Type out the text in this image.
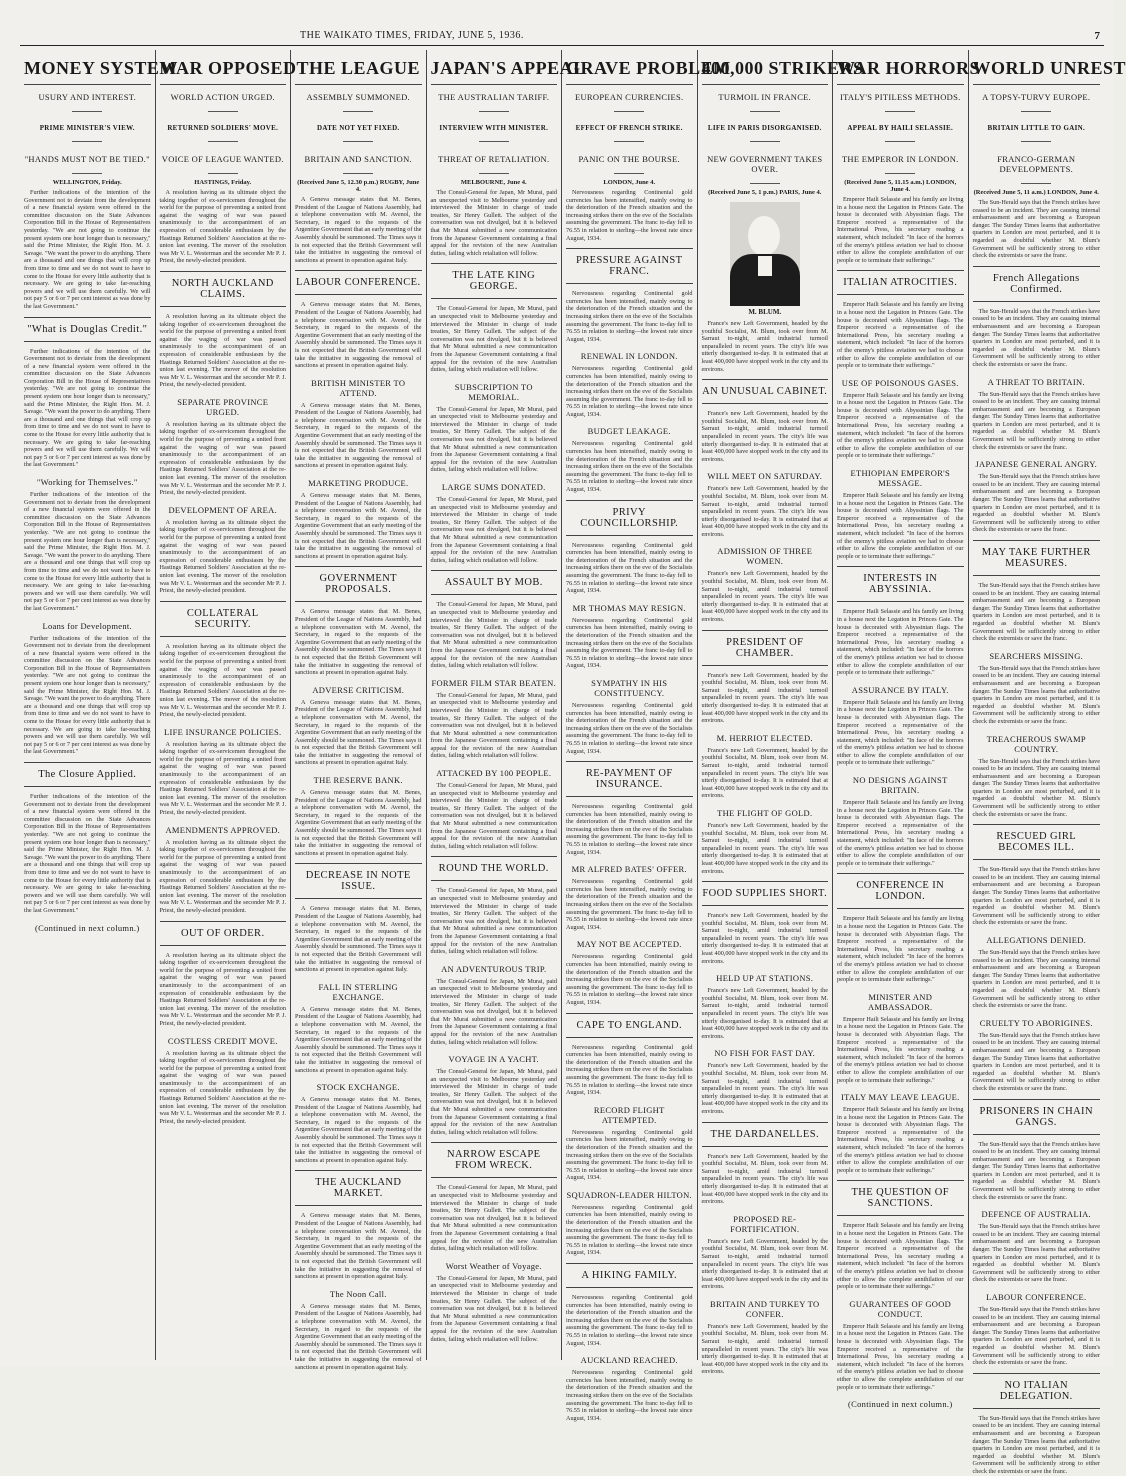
THE WAIKATO TIMES, FRIDAY, JUNE 5, 1936.	7
MONEY SYSTEM
USURY AND INTEREST.
PRIME MINISTER'S VIEW.
"HANDS MUST NOT BE TIED."
WELLINGTON, Friday.

Further indications of the intention of the Government not to deviate from the development of a new financial system were offered in the committee discussion on the State Advances Corporation Bill in the House of Representatives yesterday. "We are not going to continue the present system one hour longer than is necessary," said the Prime Minister, the Right Hon. M. J. Savage. "We want the power to do anything. There are a thousand and one things that will crop up from time to time and we do not want to have to come to the House for every little authority that is necessary. We are going to take far-reaching powers and we will use them carefully. We will not pay 5 or 6 or 7 per cent interest as was done by the last Government."

"What is Douglas Credit."

Further indications of the intention of the Government not to deviate from the development of a new financial system were offered in the committee discussion on the State Advances Corporation Bill in the House of Representatives yesterday. "We are not going to continue the present system one hour longer than is necessary," said the Prime Minister, the Right Hon. M. J. Savage. "We want the power to do anything. There are a thousand and one things that will crop up from time to time and we do not want to have to come to the House for every little authority that is necessary. We are going to take far-reaching powers and we will use them carefully. We will not pay 5 or 6 or 7 per cent interest as was done by the last Government."

"Working for Themselves."

Further indications of the intention of the Government not to deviate from the development of a new financial system were offered in the committee discussion on the State Advances Corporation Bill in the House of Representatives yesterday. "We are not going to continue the present system one hour longer than is necessary," said the Prime Minister, the Right Hon. M. J. Savage. "We want the power to do anything. There are a thousand and one things that will crop up from time to time and we do not want to have to come to the House for every little authority that is necessary. We are going to take far-reaching powers and we will use them carefully. We will not pay 5 or 6 or 7 per cent interest as was done by the last Government."

Loans for Development.

Further indications of the intention of the Government not to deviate from the development of a new financial system were offered in the committee discussion on the State Advances Corporation Bill in the House of Representatives yesterday. "We are not going to continue the present system one hour longer than is necessary," said the Prime Minister, the Right Hon. M. J. Savage. "We want the power to do anything. There are a thousand and one things that will crop up from time to time and we do not want to have to come to the House for every little authority that is necessary. We are going to take far-reaching powers and we will use them carefully. We will not pay 5 or 6 or 7 per cent interest as was done by the last Government."

The Closure Applied.

Further indications of the intention of the Government not to deviate from the development of a new financial system were offered in the committee discussion on the State Advances Corporation Bill in the House of Representatives yesterday. "We are not going to continue the present system one hour longer than is necessary," said the Prime Minister, the Right Hon. M. J. Savage. "We want the power to do anything. There are a thousand and one things that will crop up from time to time and we do not want to have to come to the House for every little authority that is necessary. We are going to take far-reaching powers and we will use them carefully. We will not pay 5 or 6 or 7 per cent interest as was done by the last Government."

(Continued in next column.)
WAR OPPOSED
WORLD ACTION URGED.
RETURNED SOLDIERS' MOVE.
VOICE OF LEAGUE WANTED.
HASTINGS, Friday.

A resolution having as its ultimate object the taking together of ex-servicemen throughout the world for the purpose of preventing a united front against the waging of war was passed unanimously to the accompaniment of an expression of considerable enthusiasm by the Hastings Returned Soldiers' Association at the re-union last evening. The mover of the resolution was Mr V. L. Westerman and the seconder Mr P. J. Priest, the newly-elected president.

NORTH AUCKLAND CLAIMS.

A resolution having as its ultimate object the taking together of ex-servicemen throughout the world for the purpose of preventing a united front against the waging of war was passed unanimously to the accompaniment of an expression of considerable enthusiasm by the Hastings Returned Soldiers' Association at the re-union last evening. The mover of the resolution was Mr V. L. Westerman and the seconder Mr P. J. Priest, the newly-elected president.

SEPARATE PROVINCE URGED.

A resolution having as its ultimate object the taking together of ex-servicemen throughout the world for the purpose of preventing a united front against the waging of war was passed unanimously to the accompaniment of an expression of considerable enthusiasm by the Hastings Returned Soldiers' Association at the re-union last evening. The mover of the resolution was Mr V. L. Westerman and the seconder Mr P. J. Priest, the newly-elected president.

DEVELOPMENT OF AREA.

A resolution having as its ultimate object the taking together of ex-servicemen throughout the world for the purpose of preventing a united front against the waging of war was passed unanimously to the accompaniment of an expression of considerable enthusiasm by the Hastings Returned Soldiers' Association at the re-union last evening. The mover of the resolution was Mr V. L. Westerman and the seconder Mr P. J. Priest, the newly-elected president.

COLLATERAL SECURITY.

A resolution having as its ultimate object the taking together of ex-servicemen throughout the world for the purpose of preventing a united front against the waging of war was passed unanimously to the accompaniment of an expression of considerable enthusiasm by the Hastings Returned Soldiers' Association at the re-union last evening. The mover of the resolution was Mr V. L. Westerman and the seconder Mr P. J. Priest, the newly-elected president.

LIFE INSURANCE POLICIES.

A resolution having as its ultimate object the taking together of ex-servicemen throughout the world for the purpose of preventing a united front against the waging of war was passed unanimously to the accompaniment of an expression of considerable enthusiasm by the Hastings Returned Soldiers' Association at the re-union last evening. The mover of the resolution was Mr V. L. Westerman and the seconder Mr P. J. Priest, the newly-elected president.

AMENDMENTS APPROVED.

A resolution having as its ultimate object the taking together of ex-servicemen throughout the world for the purpose of preventing a united front against the waging of war was passed unanimously to the accompaniment of an expression of considerable enthusiasm by the Hastings Returned Soldiers' Association at the re-union last evening. The mover of the resolution was Mr V. L. Westerman and the seconder Mr P. J. Priest, the newly-elected president.

OUT OF ORDER.

A resolution having as its ultimate object the taking together of ex-servicemen throughout the world for the purpose of preventing a united front against the waging of war was passed unanimously to the accompaniment of an expression of considerable enthusiasm by the Hastings Returned Soldiers' Association at the re-union last evening. The mover of the resolution was Mr V. L. Westerman and the seconder Mr P. J. Priest, the newly-elected president.

COSTLESS CREDIT MOVE.

A resolution having as its ultimate object the taking together of ex-servicemen throughout the world for the purpose of preventing a united front against the waging of war was passed unanimously to the accompaniment of an expression of considerable enthusiasm by the Hastings Returned Soldiers' Association at the re-union last evening. The mover of the resolution was Mr V. L. Westerman and the seconder Mr P. J. Priest, the newly-elected president.

THE LEAGUE
ASSEMBLY SUMMONED.
DATE NOT YET FIXED.
BRITAIN AND SANCTION.
(Received June 5, 12.30 p.m.) RUGBY, June 4.

A Geneva message states that M. Benes, President of the League of Nations Assembly, had a telephone conversation with M. Avenol, the Secretary, in regard to the requests of the Argentine Government that an early meeting of the Assembly should be summoned. The Times says it is not expected that the British Government will take the initiative in suggesting the removal of sanctions at present in operation against Italy.

LABOUR CONFERENCE.

A Geneva message states that M. Benes, President of the League of Nations Assembly, had a telephone conversation with M. Avenol, the Secretary, in regard to the requests of the Argentine Government that an early meeting of the Assembly should be summoned. The Times says it is not expected that the British Government will take the initiative in suggesting the removal of sanctions at present in operation against Italy.

BRITISH MINISTER TO ATTEND.

A Geneva message states that M. Benes, President of the League of Nations Assembly, had a telephone conversation with M. Avenol, the Secretary, in regard to the requests of the Argentine Government that an early meeting of the Assembly should be summoned. The Times says it is not expected that the British Government will take the initiative in suggesting the removal of sanctions at present in operation against Italy.

MARKETING PRODUCE.

A Geneva message states that M. Benes, President of the League of Nations Assembly, had a telephone conversation with M. Avenol, the Secretary, in regard to the requests of the Argentine Government that an early meeting of the Assembly should be summoned. The Times says it is not expected that the British Government will take the initiative in suggesting the removal of sanctions at present in operation against Italy.

GOVERNMENT PROPOSALS.

A Geneva message states that M. Benes, President of the League of Nations Assembly, had a telephone conversation with M. Avenol, the Secretary, in regard to the requests of the Argentine Government that an early meeting of the Assembly should be summoned. The Times says it is not expected that the British Government will take the initiative in suggesting the removal of sanctions at present in operation against Italy.

ADVERSE CRITICISM.

A Geneva message states that M. Benes, President of the League of Nations Assembly, had a telephone conversation with M. Avenol, the Secretary, in regard to the requests of the Argentine Government that an early meeting of the Assembly should be summoned. The Times says it is not expected that the British Government will take the initiative in suggesting the removal of sanctions at present in operation against Italy.

THE RESERVE BANK.

A Geneva message states that M. Benes, President of the League of Nations Assembly, had a telephone conversation with M. Avenol, the Secretary, in regard to the requests of the Argentine Government that an early meeting of the Assembly should be summoned. The Times says it is not expected that the British Government will take the initiative in suggesting the removal of sanctions at present in operation against Italy.

DECREASE IN NOTE ISSUE.

A Geneva message states that M. Benes, President of the League of Nations Assembly, had a telephone conversation with M. Avenol, the Secretary, in regard to the requests of the Argentine Government that an early meeting of the Assembly should be summoned. The Times says it is not expected that the British Government will take the initiative in suggesting the removal of sanctions at present in operation against Italy.

FALL IN STERLING EXCHANGE.

A Geneva message states that M. Benes, President of the League of Nations Assembly, had a telephone conversation with M. Avenol, the Secretary, in regard to the requests of the Argentine Government that an early meeting of the Assembly should be summoned. The Times says it is not expected that the British Government will take the initiative in suggesting the removal of sanctions at present in operation against Italy.

STOCK EXCHANGE.

A Geneva message states that M. Benes, President of the League of Nations Assembly, had a telephone conversation with M. Avenol, the Secretary, in regard to the requests of the Argentine Government that an early meeting of the Assembly should be summoned. The Times says it is not expected that the British Government will take the initiative in suggesting the removal of sanctions at present in operation against Italy.

THE AUCKLAND MARKET.

A Geneva message states that M. Benes, President of the League of Nations Assembly, had a telephone conversation with M. Avenol, the Secretary, in regard to the requests of the Argentine Government that an early meeting of the Assembly should be summoned. The Times says it is not expected that the British Government will take the initiative in suggesting the removal of sanctions at present in operation against Italy.

The Noon Call.

A Geneva message states that M. Benes, President of the League of Nations Assembly, had a telephone conversation with M. Avenol, the Secretary, in regard to the requests of the Argentine Government that an early meeting of the Assembly should be summoned. The Times says it is not expected that the British Government will take the initiative in suggesting the removal of sanctions at present in operation against Italy.

JAPAN'S APPEAL
THE AUSTRALIAN TARIFF.
INTERVIEW WITH MINISTER.
THREAT OF RETALIATION.
MELBOURNE, June 4.

The Consul-General for Japan, Mr Murai, paid an unexpected visit to Melbourne yesterday and interviewed the Minister in charge of trade treaties, Sir Henry Gullett. The subject of the conversation was not divulged, but it is believed that Mr Murai submitted a new communication from the Japanese Government containing a final appeal for the revision of the new Australian duties, failing which retaliation will follow.

THE LATE KING GEORGE.

The Consul-General for Japan, Mr Murai, paid an unexpected visit to Melbourne yesterday and interviewed the Minister in charge of trade treaties, Sir Henry Gullett. The subject of the conversation was not divulged, but it is believed that Mr Murai submitted a new communication from the Japanese Government containing a final appeal for the revision of the new Australian duties, failing which retaliation will follow.

SUBSCRIPTION TO MEMORIAL.

The Consul-General for Japan, Mr Murai, paid an unexpected visit to Melbourne yesterday and interviewed the Minister in charge of trade treaties, Sir Henry Gullett. The subject of the conversation was not divulged, but it is believed that Mr Murai submitted a new communication from the Japanese Government containing a final appeal for the revision of the new Australian duties, failing which retaliation will follow.

LARGE SUMS DONATED.

The Consul-General for Japan, Mr Murai, paid an unexpected visit to Melbourne yesterday and interviewed the Minister in charge of trade treaties, Sir Henry Gullett. The subject of the conversation was not divulged, but it is believed that Mr Murai submitted a new communication from the Japanese Government containing a final appeal for the revision of the new Australian duties, failing which retaliation will follow.

ASSAULT BY MOB.

The Consul-General for Japan, Mr Murai, paid an unexpected visit to Melbourne yesterday and interviewed the Minister in charge of trade treaties, Sir Henry Gullett. The subject of the conversation was not divulged, but it is believed that Mr Murai submitted a new communication from the Japanese Government containing a final appeal for the revision of the new Australian duties, failing which retaliation will follow.

FORMER FILM STAR BEATEN.

The Consul-General for Japan, Mr Murai, paid an unexpected visit to Melbourne yesterday and interviewed the Minister in charge of trade treaties, Sir Henry Gullett. The subject of the conversation was not divulged, but it is believed that Mr Murai submitted a new communication from the Japanese Government containing a final appeal for the revision of the new Australian duties, failing which retaliation will follow.

ATTACKED BY 100 PEOPLE.

The Consul-General for Japan, Mr Murai, paid an unexpected visit to Melbourne yesterday and interviewed the Minister in charge of trade treaties, Sir Henry Gullett. The subject of the conversation was not divulged, but it is believed that Mr Murai submitted a new communication from the Japanese Government containing a final appeal for the revision of the new Australian duties, failing which retaliation will follow.

ROUND THE WORLD.

The Consul-General for Japan, Mr Murai, paid an unexpected visit to Melbourne yesterday and interviewed the Minister in charge of trade treaties, Sir Henry Gullett. The subject of the conversation was not divulged, but it is believed that Mr Murai submitted a new communication from the Japanese Government containing a final appeal for the revision of the new Australian duties, failing which retaliation will follow.

AN ADVENTUROUS TRIP.

The Consul-General for Japan, Mr Murai, paid an unexpected visit to Melbourne yesterday and interviewed the Minister in charge of trade treaties, Sir Henry Gullett. The subject of the conversation was not divulged, but it is believed that Mr Murai submitted a new communication from the Japanese Government containing a final appeal for the revision of the new Australian duties, failing which retaliation will follow.

VOYAGE IN A YACHT.

The Consul-General for Japan, Mr Murai, paid an unexpected visit to Melbourne yesterday and interviewed the Minister in charge of trade treaties, Sir Henry Gullett. The subject of the conversation was not divulged, but it is believed that Mr Murai submitted a new communication from the Japanese Government containing a final appeal for the revision of the new Australian duties, failing which retaliation will follow.

NARROW ESCAPE FROM WRECK.

The Consul-General for Japan, Mr Murai, paid an unexpected visit to Melbourne yesterday and interviewed the Minister in charge of trade treaties, Sir Henry Gullett. The subject of the conversation was not divulged, but it is believed that Mr Murai submitted a new communication from the Japanese Government containing a final appeal for the revision of the new Australian duties, failing which retaliation will follow.

Worst Weather of Voyage.

The Consul-General for Japan, Mr Murai, paid an unexpected visit to Melbourne yesterday and interviewed the Minister in charge of trade treaties, Sir Henry Gullett. The subject of the conversation was not divulged, but it is believed that Mr Murai submitted a new communication from the Japanese Government containing a final appeal for the revision of the new Australian duties, failing which retaliation will follow.

GRAVE PROBLEM
EUROPEAN CURRENCIES.
EFFECT OF FRENCH STRIKE.
PANIC ON THE BOURSE.
LONDON, June 4.

Nervousness regarding Continental gold currencies has been intensified, mainly owing to the deterioration of the French situation and the increasing strikes there on the eve of the Socialists assuming the government. The franc to-day fell to 76.55 in relation to sterling—the lowest rate since August, 1934.

PRESSURE AGAINST FRANC.

Nervousness regarding Continental gold currencies has been intensified, mainly owing to the deterioration of the French situation and the increasing strikes there on the eve of the Socialists assuming the government. The franc to-day fell to 76.55 in relation to sterling—the lowest rate since August, 1934.

RENEWAL IN LONDON.

Nervousness regarding Continental gold currencies has been intensified, mainly owing to the deterioration of the French situation and the increasing strikes there on the eve of the Socialists assuming the government. The franc to-day fell to 76.55 in relation to sterling—the lowest rate since August, 1934.

BUDGET LEAKAGE.

Nervousness regarding Continental gold currencies has been intensified, mainly owing to the deterioration of the French situation and the increasing strikes there on the eve of the Socialists assuming the government. The franc to-day fell to 76.55 in relation to sterling—the lowest rate since August, 1934.

PRIVY COUNCILLORSHIP.

Nervousness regarding Continental gold currencies has been intensified, mainly owing to the deterioration of the French situation and the increasing strikes there on the eve of the Socialists assuming the government. The franc to-day fell to 76.55 in relation to sterling—the lowest rate since August, 1934.

MR THOMAS MAY RESIGN.

Nervousness regarding Continental gold currencies has been intensified, mainly owing to the deterioration of the French situation and the increasing strikes there on the eve of the Socialists assuming the government. The franc to-day fell to 76.55 in relation to sterling—the lowest rate since August, 1934.

SYMPATHY IN HIS CONSTITUENCY.

Nervousness regarding Continental gold currencies has been intensified, mainly owing to the deterioration of the French situation and the increasing strikes there on the eve of the Socialists assuming the government. The franc to-day fell to 76.55 in relation to sterling—the lowest rate since August, 1934.

RE-PAYMENT OF INSURANCE.

Nervousness regarding Continental gold currencies has been intensified, mainly owing to the deterioration of the French situation and the increasing strikes there on the eve of the Socialists assuming the government. The franc to-day fell to 76.55 in relation to sterling—the lowest rate since August, 1934.

MR ALFRED BATES' OFFER.

Nervousness regarding Continental gold currencies has been intensified, mainly owing to the deterioration of the French situation and the increasing strikes there on the eve of the Socialists assuming the government. The franc to-day fell to 76.55 in relation to sterling—the lowest rate since August, 1934.

MAY NOT BE ACCEPTED.

Nervousness regarding Continental gold currencies has been intensified, mainly owing to the deterioration of the French situation and the increasing strikes there on the eve of the Socialists assuming the government. The franc to-day fell to 76.55 in relation to sterling—the lowest rate since August, 1934.

CAPE TO ENGLAND.

Nervousness regarding Continental gold currencies has been intensified, mainly owing to the deterioration of the French situation and the increasing strikes there on the eve of the Socialists assuming the government. The franc to-day fell to 76.55 in relation to sterling—the lowest rate since August, 1934.

RECORD FLIGHT ATTEMPTED.

Nervousness regarding Continental gold currencies has been intensified, mainly owing to the deterioration of the French situation and the increasing strikes there on the eve of the Socialists assuming the government. The franc to-day fell to 76.55 in relation to sterling—the lowest rate since August, 1934.

SQUADRON-LEADER HILTON.

Nervousness regarding Continental gold currencies has been intensified, mainly owing to the deterioration of the French situation and the increasing strikes there on the eve of the Socialists assuming the government. The franc to-day fell to 76.55 in relation to sterling—the lowest rate since August, 1934.

A HIKING FAMILY.

Nervousness regarding Continental gold currencies has been intensified, mainly owing to the deterioration of the French situation and the increasing strikes there on the eve of the Socialists assuming the government. The franc to-day fell to 76.55 in relation to sterling—the lowest rate since August, 1934.

AUCKLAND REACHED.

Nervousness regarding Continental gold currencies has been intensified, mainly owing to the deterioration of the French situation and the increasing strikes there on the eve of the Socialists assuming the government. The franc to-day fell to 76.55 in relation to sterling—the lowest rate since August, 1934.

400,000 STRIKERS
TURMOIL IN FRANCE.
LIFE IN PARIS DISORGANISED.
NEW GOVERNMENT TAKES OVER.
(Received June 5, 1 p.m.) PARIS, June 4.
M. BLUM.

France's new Left Government, headed by the youthful Socialist, M. Blum, took over from M. Sarraut to-night, amid industrial turmoil unparalleled in recent years. The city's life was utterly disorganised to-day. It is estimated that at least 400,000 have stopped work in the city and its environs.

AN UNUSUAL CABINET.

France's new Left Government, headed by the youthful Socialist, M. Blum, took over from M. Sarraut to-night, amid industrial turmoil unparalleled in recent years. The city's life was utterly disorganised to-day. It is estimated that at least 400,000 have stopped work in the city and its environs.

WILL MEET ON SATURDAY.

France's new Left Government, headed by the youthful Socialist, M. Blum, took over from M. Sarraut to-night, amid industrial turmoil unparalleled in recent years. The city's life was utterly disorganised to-day. It is estimated that at least 400,000 have stopped work in the city and its environs.

ADMISSION OF THREE WOMEN.

France's new Left Government, headed by the youthful Socialist, M. Blum, took over from M. Sarraut to-night, amid industrial turmoil unparalleled in recent years. The city's life was utterly disorganised to-day. It is estimated that at least 400,000 have stopped work in the city and its environs.

PRESIDENT OF CHAMBER.

France's new Left Government, headed by the youthful Socialist, M. Blum, took over from M. Sarraut to-night, amid industrial turmoil unparalleled in recent years. The city's life was utterly disorganised to-day. It is estimated that at least 400,000 have stopped work in the city and its environs.

M. HERRIOT ELECTED.

France's new Left Government, headed by the youthful Socialist, M. Blum, took over from M. Sarraut to-night, amid industrial turmoil unparalleled in recent years. The city's life was utterly disorganised to-day. It is estimated that at least 400,000 have stopped work in the city and its environs.

THE FLIGHT OF GOLD.

France's new Left Government, headed by the youthful Socialist, M. Blum, took over from M. Sarraut to-night, amid industrial turmoil unparalleled in recent years. The city's life was utterly disorganised to-day. It is estimated that at least 400,000 have stopped work in the city and its environs.

FOOD SUPPLIES SHORT.

France's new Left Government, headed by the youthful Socialist, M. Blum, took over from M. Sarraut to-night, amid industrial turmoil unparalleled in recent years. The city's life was utterly disorganised to-day. It is estimated that at least 400,000 have stopped work in the city and its environs.

HELD UP AT STATIONS.

France's new Left Government, headed by the youthful Socialist, M. Blum, took over from M. Sarraut to-night, amid industrial turmoil unparalleled in recent years. The city's life was utterly disorganised to-day. It is estimated that at least 400,000 have stopped work in the city and its environs.

NO FISH FOR FAST DAY.

France's new Left Government, headed by the youthful Socialist, M. Blum, took over from M. Sarraut to-night, amid industrial turmoil unparalleled in recent years. The city's life was utterly disorganised to-day. It is estimated that at least 400,000 have stopped work in the city and its environs.

THE DARDANELLES.

France's new Left Government, headed by the youthful Socialist, M. Blum, took over from M. Sarraut to-night, amid industrial turmoil unparalleled in recent years. The city's life was utterly disorganised to-day. It is estimated that at least 400,000 have stopped work in the city and its environs.

PROPOSED RE-FORTIFICATION.

France's new Left Government, headed by the youthful Socialist, M. Blum, took over from M. Sarraut to-night, amid industrial turmoil unparalleled in recent years. The city's life was utterly disorganised to-day. It is estimated that at least 400,000 have stopped work in the city and its environs.

BRITAIN AND TURKEY TO CONFER.

France's new Left Government, headed by the youthful Socialist, M. Blum, took over from M. Sarraut to-night, amid industrial turmoil unparalleled in recent years. The city's life was utterly disorganised to-day. It is estimated that at least 400,000 have stopped work in the city and its environs.

WAR HORRORS
ITALY'S PITILESS METHODS.
APPEAL BY HAILI SELASSIE.
THE EMPEROR IN LONDON.
(Received June 5, 11.15 a.m.) LONDON, June 4.

Emperor Haili Selassie and his family are living in a house next the Legation in Princes Gate. The house is decorated with Abyssinian flags. The Emperor received a representative of the International Press, his secretary reading a statement, which included: "In face of the horrors of the enemy's pitiless aviation we had to choose either to allow the complete annihilation of our people or to terminate their sufferings."

ITALIAN ATROCITIES.

Emperor Haili Selassie and his family are living in a house next the Legation in Princes Gate. The house is decorated with Abyssinian flags. The Emperor received a representative of the International Press, his secretary reading a statement, which included: "In face of the horrors of the enemy's pitiless aviation we had to choose either to allow the complete annihilation of our people or to terminate their sufferings."

USE OF POISONOUS GASES.

Emperor Haili Selassie and his family are living in a house next the Legation in Princes Gate. The house is decorated with Abyssinian flags. The Emperor received a representative of the International Press, his secretary reading a statement, which included: "In face of the horrors of the enemy's pitiless aviation we had to choose either to allow the complete annihilation of our people or to terminate their sufferings."

ETHIOPIAN EMPEROR'S MESSAGE.

Emperor Haili Selassie and his family are living in a house next the Legation in Princes Gate. The house is decorated with Abyssinian flags. The Emperor received a representative of the International Press, his secretary reading a statement, which included: "In face of the horrors of the enemy's pitiless aviation we had to choose either to allow the complete annihilation of our people or to terminate their sufferings."

INTERESTS IN ABYSSINIA.

Emperor Haili Selassie and his family are living in a house next the Legation in Princes Gate. The house is decorated with Abyssinian flags. The Emperor received a representative of the International Press, his secretary reading a statement, which included: "In face of the horrors of the enemy's pitiless aviation we had to choose either to allow the complete annihilation of our people or to terminate their sufferings."

ASSURANCE BY ITALY.

Emperor Haili Selassie and his family are living in a house next the Legation in Princes Gate. The house is decorated with Abyssinian flags. The Emperor received a representative of the International Press, his secretary reading a statement, which included: "In face of the horrors of the enemy's pitiless aviation we had to choose either to allow the complete annihilation of our people or to terminate their sufferings."

NO DESIGNS AGAINST BRITAIN.

Emperor Haili Selassie and his family are living in a house next the Legation in Princes Gate. The house is decorated with Abyssinian flags. The Emperor received a representative of the International Press, his secretary reading a statement, which included: "In face of the horrors of the enemy's pitiless aviation we had to choose either to allow the complete annihilation of our people or to terminate their sufferings."

CONFERENCE IN LONDON.

Emperor Haili Selassie and his family are living in a house next the Legation in Princes Gate. The house is decorated with Abyssinian flags. The Emperor received a representative of the International Press, his secretary reading a statement, which included: "In face of the horrors of the enemy's pitiless aviation we had to choose either to allow the complete annihilation of our people or to terminate their sufferings."

MINISTER AND AMBASSADOR.

Emperor Haili Selassie and his family are living in a house next the Legation in Princes Gate. The house is decorated with Abyssinian flags. The Emperor received a representative of the International Press, his secretary reading a statement, which included: "In face of the horrors of the enemy's pitiless aviation we had to choose either to allow the complete annihilation of our people or to terminate their sufferings."

ITALY MAY LEAVE LEAGUE.

Emperor Haili Selassie and his family are living in a house next the Legation in Princes Gate. The house is decorated with Abyssinian flags. The Emperor received a representative of the International Press, his secretary reading a statement, which included: "In face of the horrors of the enemy's pitiless aviation we had to choose either to allow the complete annihilation of our people or to terminate their sufferings."

THE QUESTION OF SANCTIONS.

Emperor Haili Selassie and his family are living in a house next the Legation in Princes Gate. The house is decorated with Abyssinian flags. The Emperor received a representative of the International Press, his secretary reading a statement, which included: "In face of the horrors of the enemy's pitiless aviation we had to choose either to allow the complete annihilation of our people or to terminate their sufferings."

GUARANTEES OF GOOD CONDUCT.

Emperor Haili Selassie and his family are living in a house next the Legation in Princes Gate. The house is decorated with Abyssinian flags. The Emperor received a representative of the International Press, his secretary reading a statement, which included: "In face of the horrors of the enemy's pitiless aviation we had to choose either to allow the complete annihilation of our people or to terminate their sufferings."

(Continued in next column.)
WORLD UNREST
A TOPSY-TURVY EUROPE.
BRITAIN LITTLE TO GAIN.
FRANCO-GERMAN DEVELOPMENTS.
(Received June 5, 11 a.m.) LONDON, June 4.

The Sun-Herald says that the French strikes have ceased to be an incident. They are causing internal embarrassment and are becoming a European danger. The Sunday Times learns that authoritative quarters in London are most perturbed, and it is regarded as doubtful whether M. Blum's Government will be sufficiently strong to either check the extremists or save the franc.

French Allegations Confirmed.

The Sun-Herald says that the French strikes have ceased to be an incident. They are causing internal embarrassment and are becoming a European danger. The Sunday Times learns that authoritative quarters in London are most perturbed, and it is regarded as doubtful whether M. Blum's Government will be sufficiently strong to either check the extremists or save the franc.

A THREAT TO BRITAIN.

The Sun-Herald says that the French strikes have ceased to be an incident. They are causing internal embarrassment and are becoming a European danger. The Sunday Times learns that authoritative quarters in London are most perturbed, and it is regarded as doubtful whether M. Blum's Government will be sufficiently strong to either check the extremists or save the franc.

JAPANESE GENERAL ANGRY.

The Sun-Herald says that the French strikes have ceased to be an incident. They are causing internal embarrassment and are becoming a European danger. The Sunday Times learns that authoritative quarters in London are most perturbed, and it is regarded as doubtful whether M. Blum's Government will be sufficiently strong to either check the extremists or save the franc.

MAY TAKE FURTHER MEASURES.

The Sun-Herald says that the French strikes have ceased to be an incident. They are causing internal embarrassment and are becoming a European danger. The Sunday Times learns that authoritative quarters in London are most perturbed, and it is regarded as doubtful whether M. Blum's Government will be sufficiently strong to either check the extremists or save the franc.

SEARCHERS MISSING.

The Sun-Herald says that the French strikes have ceased to be an incident. They are causing internal embarrassment and are becoming a European danger. The Sunday Times learns that authoritative quarters in London are most perturbed, and it is regarded as doubtful whether M. Blum's Government will be sufficiently strong to either check the extremists or save the franc.

TREACHEROUS SWAMP COUNTRY.

The Sun-Herald says that the French strikes have ceased to be an incident. They are causing internal embarrassment and are becoming a European danger. The Sunday Times learns that authoritative quarters in London are most perturbed, and it is regarded as doubtful whether M. Blum's Government will be sufficiently strong to either check the extremists or save the franc.

RESCUED GIRL BECOMES ILL.

The Sun-Herald says that the French strikes have ceased to be an incident. They are causing internal embarrassment and are becoming a European danger. The Sunday Times learns that authoritative quarters in London are most perturbed, and it is regarded as doubtful whether M. Blum's Government will be sufficiently strong to either check the extremists or save the franc.

ALLEGATIONS DENIED.

The Sun-Herald says that the French strikes have ceased to be an incident. They are causing internal embarrassment and are becoming a European danger. The Sunday Times learns that authoritative quarters in London are most perturbed, and it is regarded as doubtful whether M. Blum's Government will be sufficiently strong to either check the extremists or save the franc.

CRUELTY TO ABORIGINES.

The Sun-Herald says that the French strikes have ceased to be an incident. They are causing internal embarrassment and are becoming a European danger. The Sunday Times learns that authoritative quarters in London are most perturbed, and it is regarded as doubtful whether M. Blum's Government will be sufficiently strong to either check the extremists or save the franc.

PRISONERS IN CHAIN GANGS.

The Sun-Herald says that the French strikes have ceased to be an incident. They are causing internal embarrassment and are becoming a European danger. The Sunday Times learns that authoritative quarters in London are most perturbed, and it is regarded as doubtful whether M. Blum's Government will be sufficiently strong to either check the extremists or save the franc.

DEFENCE OF AUSTRALIA.

The Sun-Herald says that the French strikes have ceased to be an incident. They are causing internal embarrassment and are becoming a European danger. The Sunday Times learns that authoritative quarters in London are most perturbed, and it is regarded as doubtful whether M. Blum's Government will be sufficiently strong to either check the extremists or save the franc.

LABOUR CONFERENCE.

The Sun-Herald says that the French strikes have ceased to be an incident. They are causing internal embarrassment and are becoming a European danger. The Sunday Times learns that authoritative quarters in London are most perturbed, and it is regarded as doubtful whether M. Blum's Government will be sufficiently strong to either check the extremists or save the franc.

NO ITALIAN DELEGATION.

The Sun-Herald says that the French strikes have ceased to be an incident. They are causing internal embarrassment and are becoming a European danger. The Sunday Times learns that authoritative quarters in London are most perturbed, and it is regarded as doubtful whether M. Blum's Government will be sufficiently strong to either check the extremists or save the franc.
